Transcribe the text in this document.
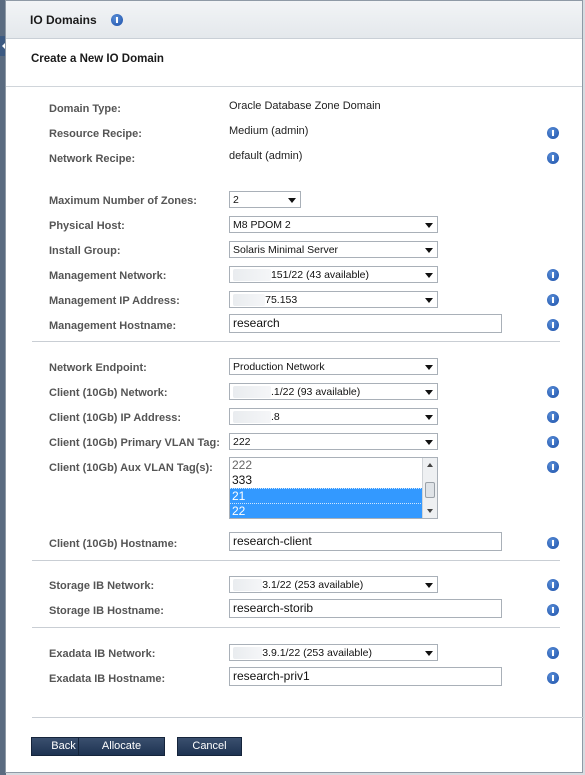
IO Domains
Create a New IO Domain
Domain Type:	Oracle Database Zone Domain
Resource Recipe:	Medium (admin)
Network Recipe:	default (admin)
Maximum Number of Zones:	2
Physical Host:	M8 PDOM 2
Install Group:	Solaris Minimal Server
Management Network:	151/22 (43 available)
Management IP Address:	75.153
Management Hostname:	research
Network Endpoint:	Production Network
Client (10Gb) Network:	.1/22 (93 available)
Client (10Gb) IP Address:	.8
Client (10Gb) Primary VLAN Tag:	222
Client (10Gb) Aux VLAN Tag(s): 222
333
21
22
Client (10Gb) Hostname:	research-client
Storage IB Network:	3.1/22 (253 available)
Storage IB Hostname:	research-storib
Exadata IB Network:	3.9.1/22 (253 available)
Exadata IB Hostname:	research-priv1
Back	Allocate	Cancel
